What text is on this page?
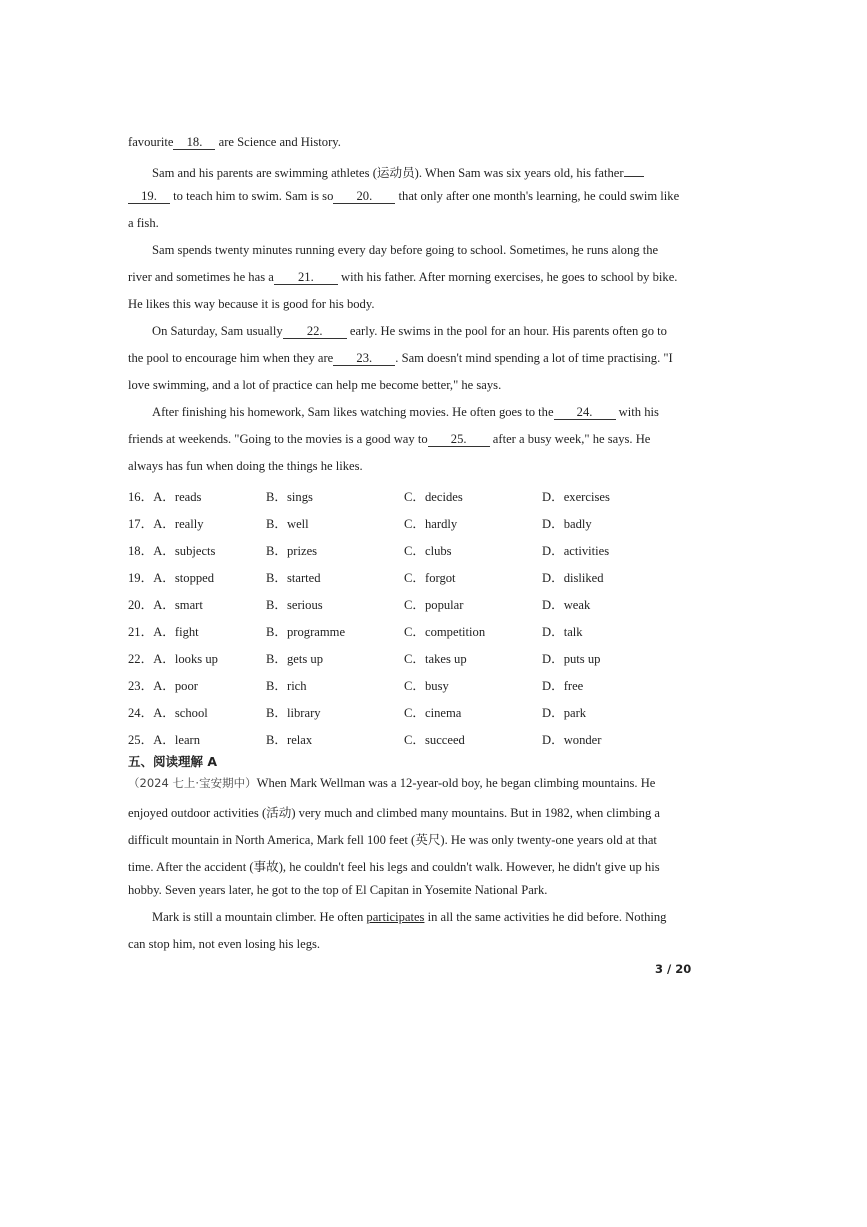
favourite 18. are Science and History.
Sam and his parents are swimming athletes (运动员). When Sam was six years old, his father
19. to teach him to swim. Sam is so 20. that only after one month's learning, he could swim like
a fish.
Sam spends twenty minutes running every day before going to school. Sometimes, he runs along the
river and sometimes he has a 21. with his father. After morning exercises, he goes to school by bike.
He likes this way because it is good for his body.
On Saturday, Sam usually 22. early. He swims in the pool for an hour. His parents often go to
the pool to encourage him when they are 23. . Sam doesn't mind spending a lot of time practising. "I
love swimming, and a lot of practice can help me become better," he says.
After finishing his homework, Sam likes watching movies. He often goes to the 24. with his
friends at weekends. "Going to the movies is a good way to 25. after a busy week," he says. He
always has fun when doing the things he likes.
16．A．reads	B．sings	C．decides	D．exercises
17．A．really	B．well	C．hardly	D．badly
18．A．subjects	B．prizes	C．clubs	D．activities
19．A．stopped	B．started	C．forgot	D．disliked
20．A．smart	B．serious	C．popular	D．weak
21．A．fight	B．programme	C．competition	D．talk
22．A．looks up	B．gets up	C．takes up	D．puts up
23．A．poor	B．rich	C．busy	D．free
24．A．school	B．library	C．cinema	D．park
25．A．learn	B．relax	C．succeed	D．wonder
五、阅读理解 A
（2024 七上·宝安期中）When Mark Wellman was a 12-year-old boy, he began climbing mountains. He
enjoyed outdoor activities (活动) very much and climbed many mountains. But in 1982, when climbing a
difficult mountain in North America, Mark fell 100 feet (英尺). He was only twenty-one years old at that
time. After the accident (事故), he couldn't feel his legs and couldn't walk. However, he didn't give up his
hobby. Seven years later, he got to the top of El Capitan in Yosemite National Park.
Mark is still a mountain climber. He often participates in all the same activities he did before. Nothing
can stop him, not even losing his legs.
3 / 20
